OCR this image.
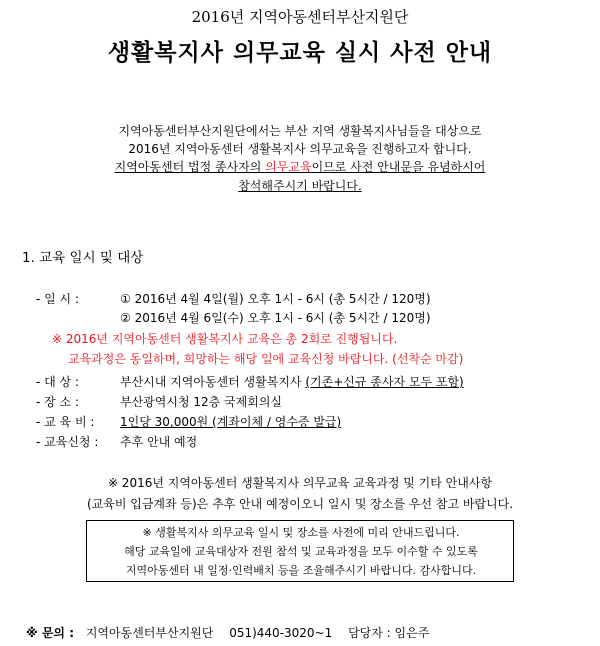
2016년 지역아동센터부산지원단
생활복지사 의무교육 실시 사전 안내
지역아동센터부산지원단에서는 부산 지역 생활복지사님들을 대상으로
2016년 지역아동센터 생활복지사 의무교육을 진행하고자 합니다.
지역아동센터 법정 종사자의 의무교육이므로 사전 안내문을 유념하시어
참석해주시기 바랍니다.
1. 교육 일시 및 대상
- 일 시 :	① 2016년 4월 4일(월) 오후 1시 - 6시 (총 5시간 / 120명)
② 2016년 4월 6일(수) 오후 1시 - 6시 (총 5시간 / 120명)
※ 2016년 지역아동센터 생활복지사 교육은 총 2회로 진행됩니다.
교육과정은 동일하며, 희망하는 해당 일에 교육신청 바랍니다. (선착순 마감)
- 대 상 :	부산시내 지역아동센터 생활복지사 (기존+신규 종사자 모두 포함)
- 장 소 :	부산광역시청 12층 국제회의실
- 교 육 비 : 1인당 30,000원 (계좌이체 / 영수증 발급)
- 교육신청 : 추후 안내 예정
※ 2016년 지역아동센터 생활복지사 의무교육 교육과정 및 기타 안내사항
(교육비 입금계좌 등)은 추후 안내 예정이오니 일시 및 장소를 우선 참고 바랍니다.
※ 생활복지사 의무교육 일시 및 장소를 사전에 미리 안내드립니다.
해당 교육일에 교육대상자 전원 참석 및 교육과정을 모두 이수할 수 있도록
지역아동센터 내 일정·인력배치 등을 조율해주시기 바랍니다. 감사합니다.
※ 문의 : 지역아동센터부산지원단 051)440-3020~1 담당자 : 임은주
